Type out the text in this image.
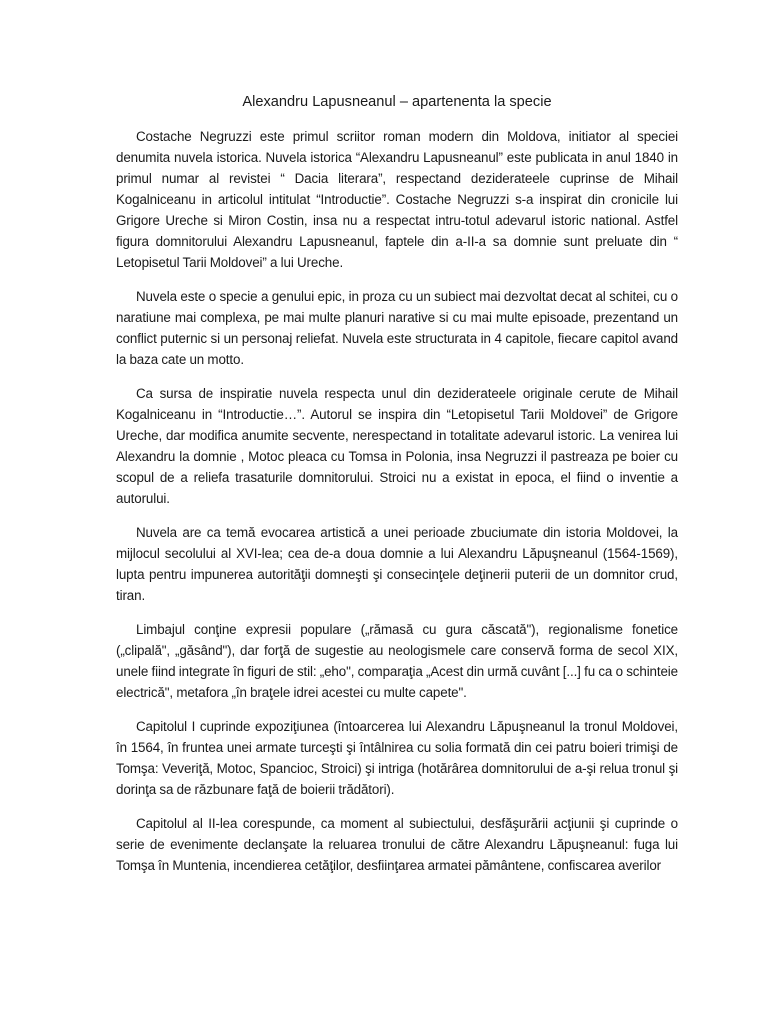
Alexandru Lapusneanul – apartenenta la specie

Costache Negruzzi este primul scriitor roman modern din Moldova, initiator al speciei denumita nuvela istorica. Nuvela istorica “Alexandru Lapusneanul” este publicata in anul 1840 in primul numar al revistei “ Dacia literara”, respectand deziderateele cuprinse de Mihail Kogalniceanu in articolul intitulat “Introductie”. Costache Negruzzi s-a inspirat din cronicile lui Grigore Ureche si Miron Costin, insa nu a respectat intru-totul adevarul istoric national. Astfel figura domnitorului Alexandru Lapusneanul, faptele din a-II-a sa domnie sunt preluate din “ Letopisetul Tarii Moldovei” a lui Ureche.

Nuvela este o specie a genului epic, in proza cu un subiect mai dezvoltat decat al schitei, cu o naratiune mai complexa, pe mai multe planuri narative si cu mai multe episoade, prezentand un conflict puternic si un personaj reliefat. Nuvela este structurata in 4 capitole, fiecare capitol avand la baza cate un motto.

Ca sursa de inspiratie nuvela respecta unul din deziderateele originale cerute de Mihail Kogalniceanu in “Introductie…”. Autorul se inspira din “Letopisetul Tarii Moldovei” de Grigore Ureche, dar modifica anumite secvente, nerespectand in totalitate adevarul istoric. La venirea lui Alexandru la domnie , Motoc pleaca cu Tomsa in Polonia, insa Negruzzi il pastreaza pe boier cu scopul de a reliefa trasaturile domnitorului. Stroici nu a existat in epoca, el fiind o inventie a autorului.

Nuvela are ca temă evocarea artistică a unei perioade zbuciumate din istoria Moldovei, la mijlocul secolului al XVI-lea; cea de-a doua domnie a lui Alexandru Lăpuşneanul (1564-1569), lupta pentru impunerea autorităţii domneşti şi consecinţele deţinerii puterii de un domnitor crud, tiran.

Limbajul conţine expresii populare („rămasă cu gura căscată"), regionalisme fonetice („clipală", „găsând"), dar forţă de sugestie au neologismele care conservă forma de secol XIX, unele fiind integrate în figuri de stil: „eho", comparaţia „Acest din urmă cuvânt [...] fu ca o schinteie electrică", metafora „în braţele idrei acestei cu multe capete".

Capitolul I cuprinde expoziţiunea (întoarcerea lui Alexandru Lăpuşneanul la tronul Moldovei, în 1564, în fruntea unei armate turceşti şi întâlnirea cu solia formată din cei patru boieri trimişi de Tomşa: Veveriţă, Motoc, Spancioc, Stroici) şi intriga (hotărârea domnitorului de a-şi relua tronul şi dorinţa sa de răzbunare faţă de boierii trădători).

Capitolul al II-lea corespunde, ca moment al subiectului, desfăşurării acţiunii şi cuprinde o serie de evenimente declanşate la reluarea tronului de către Alexandru Lăpuşneanul: fuga lui Tomşa în Muntenia, incendierea cetăţilor, desfiinţarea armatei pământene, confiscarea averilor
